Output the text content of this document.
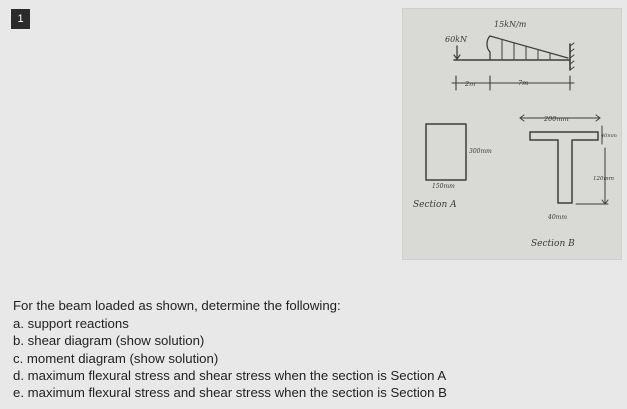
1
60kN
15kN/m
2m	7m
300mm
150mm
Section A
200mm
40mm
120mm
40mm
Section B
For the beam loaded as shown, determine the following:
a. support reactions
b. shear diagram (show solution)
c. moment diagram (show solution)
d. maximum flexural stress and shear stress when the section is Section A
e. maximum flexural stress and shear stress when the section is Section B
